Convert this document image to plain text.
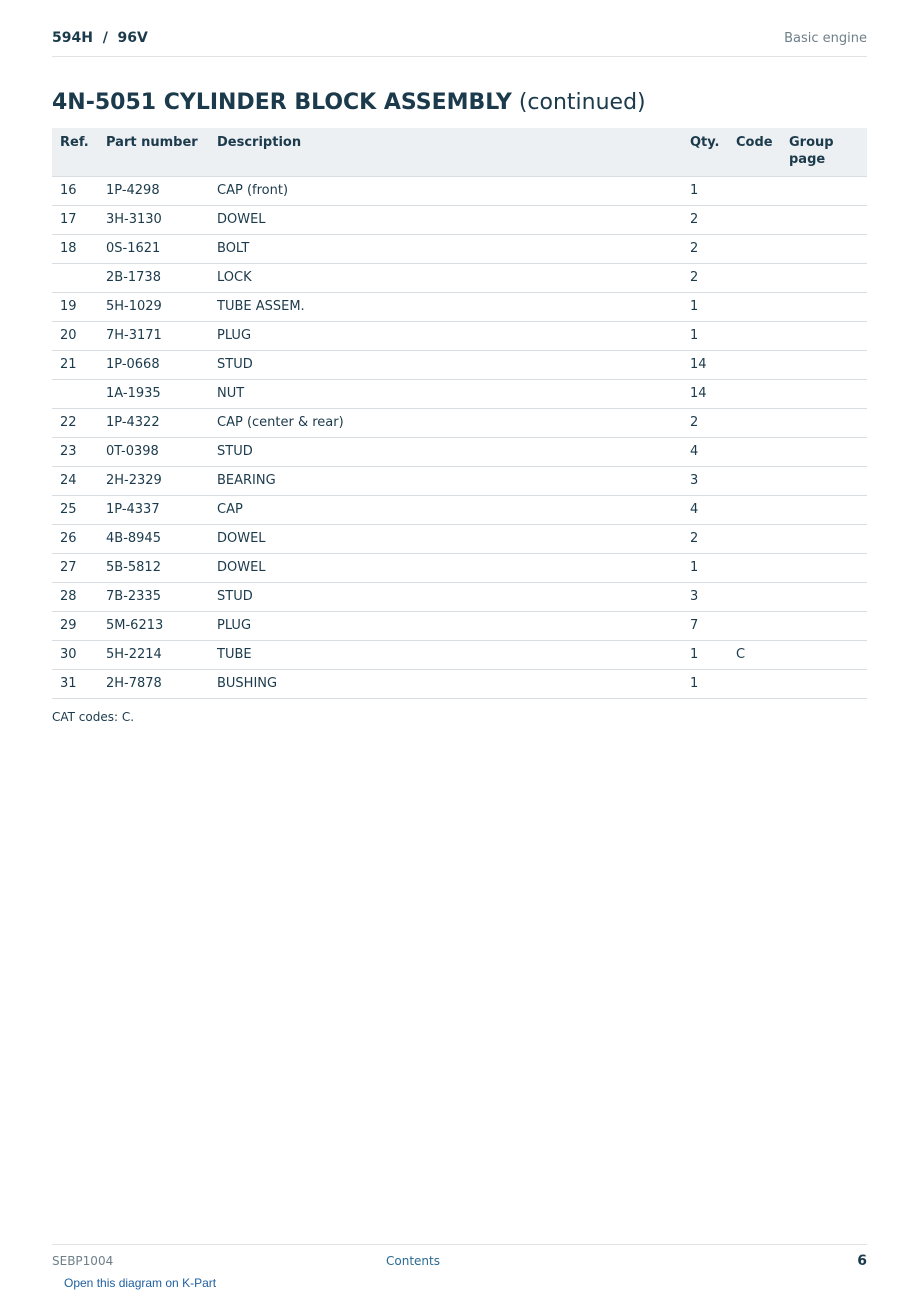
594H  /  96V	Basic engine
4N-5051 CYLINDER BLOCK ASSEMBLY (continued)
Ref.	Part number	Description	Qty.	Code	Group page
16	1P-4298	CAP (front)	1		
17	3H-3130	DOWEL	2		
18	0S-1621	BOLT	2		
	2B-1738	LOCK	2		
19	5H-1029	TUBE ASSEM.	1		
20	7H-3171	PLUG	1		
21	1P-0668	STUD	14		
	1A-1935	NUT	14		
22	1P-4322	CAP (center & rear)	2		
23	0T-0398	STUD	4		
24	2H-2329	BEARING	3		
25	1P-4337	CAP	4		
26	4B-8945	DOWEL	2		
27	5B-5812	DOWEL	1		
28	7B-2335	STUD	3		
29	5M-6213	PLUG	7		
30	5H-2214	TUBE	1	C	
31	2H-7878	BUSHING	1		
CAT codes: C.
SEBP1004	Contents	6
Open this diagram on K-Part
